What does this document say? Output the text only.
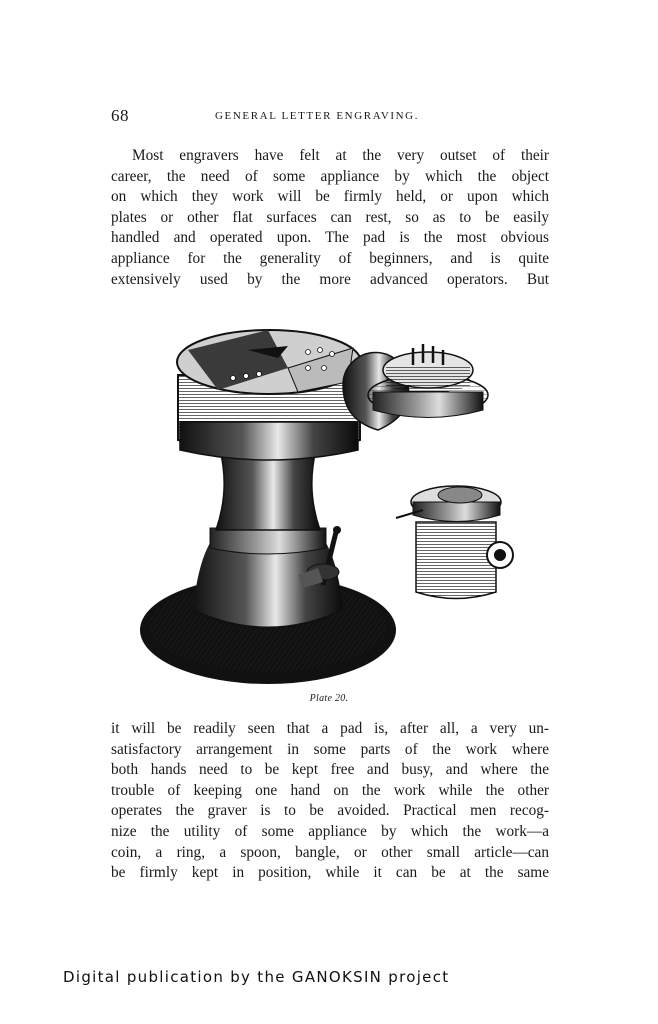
68	GENERAL LETTER ENGRAVING.

Most engravers have felt at the very outset of their
career, the need of some appliance by which the object
on which they work will be firmly held, or upon which
plates or other flat surfaces can rest, so as to be easily
handled and operated upon. The pad is the most obvious
appliance for the generality of beginners, and is quite
extensively used by the more advanced operators. But

Plate 20.

it will be readily seen that a pad is, after all, a very un-
satisfactory arrangement in some parts of the work where
both hands need to be kept free and busy, and where the
trouble of keeping one hand on the work while the other
operates the graver is to be avoided. Practical men recog-
nize the utility of some appliance by which the work—a
coin, a ring, a spoon, bangle, or other small article—can
be firmly kept in position, while it can be at the same

Digital publication by the GANOKSIN project
